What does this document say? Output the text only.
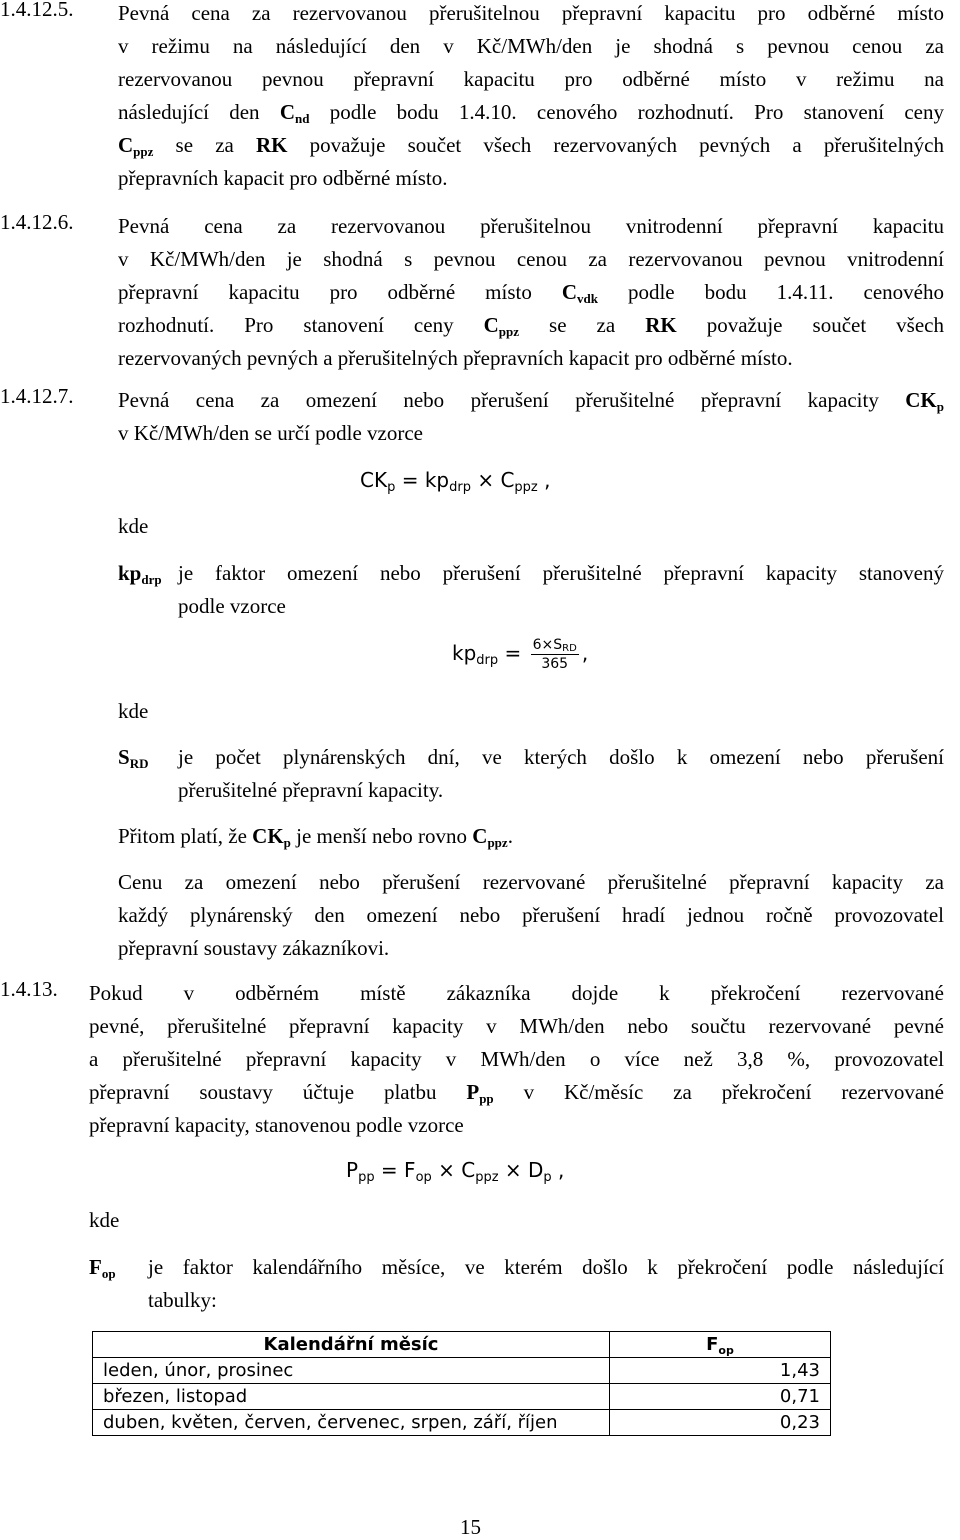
1.4.12.5. Pevná cena za rezervovanou přerušitelnou přepravní kapacitu pro odběrné místo
v režimu na následující den v Kč/MWh/den je shodná s pevnou cenou za
rezervovanou pevnou přepravní kapacitu pro odběrné místo v režimu na
následující den $C_{nd}$ podle bodu 1.4.10. cenového rozhodnutí. Pro stanovení ceny
$C_{ppz}$ se za RK považuje součet všech rezervovaných pevných a přerušitelných
přepravních kapacit pro odběrné místo.
1.4.12.6. Pevná cena za rezervovanou přerušitelnou vnitrodenní přepravní kapacitu
v Kč/MWh/den je shodná s pevnou cenou za rezervovanou pevnou vnitrodenní
přepravní kapacitu pro odběrné místo $C_{vdk}$ podle bodu 1.4.11. cenového
rozhodnutí. Pro stanovení ceny $C_{ppz}$ se za RK považuje součet všech
rezervovaných pevných a přerušitelných přepravních kapacit pro odběrné místo.
1.4.12.7. Pevná cena za omezení nebo přerušení přerušitelné přepravní kapacity $CK_p$
v Kč/MWh/den se určí podle vzorce
$CK_p = kp_{drp} \times C_{ppz}$ ,
kde
$kp_{drp}$ je faktor omezení nebo přerušení přerušitelné přepravní kapacity stanovený
podle vzorce
$kp_{drp} = \frac{6\times S_{RD}}{365}$ ,
kde
$S_{RD}$ je počet plynárenských dní, ve kterých došlo k omezení nebo přerušení
přerušitelné přepravní kapacity.
Přitom platí, že $CK_p$ je menší nebo rovno $C_{ppz}$.
Cenu za omezení nebo přerušení rezervované přerušitelné přepravní kapacity za
každý plynárenský den omezení nebo přerušení hradí jednou ročně provozovatel
přepravní soustavy zákazníkovi.
1.4.13. Pokud v odběrném místě zákazníka dojde k překročení rezervované
pevné, přerušitelné přepravní kapacity v MWh/den nebo součtu rezervované pevné
a přerušitelné přepravní kapacity v MWh/den o více než 3,8 %, provozovatel
přepravní soustavy účtuje platbu $P_{pp}$ v Kč/měsíc za překročení rezervované
přepravní kapacity, stanovenou podle vzorce
$P_{pp} = F_{op} \times C_{ppz} \times D_p$ ,
kde
$F_{op}$ je faktor kalendářního měsíce, ve kterém došlo k překročení podle následující
tabulky:
Kalendářní měsíc	$F_{op}$
leden, únor, prosinec	1,43
březen, listopad	0,71
duben, květen, červen, červenec, srpen, září, říjen	0,23
15
